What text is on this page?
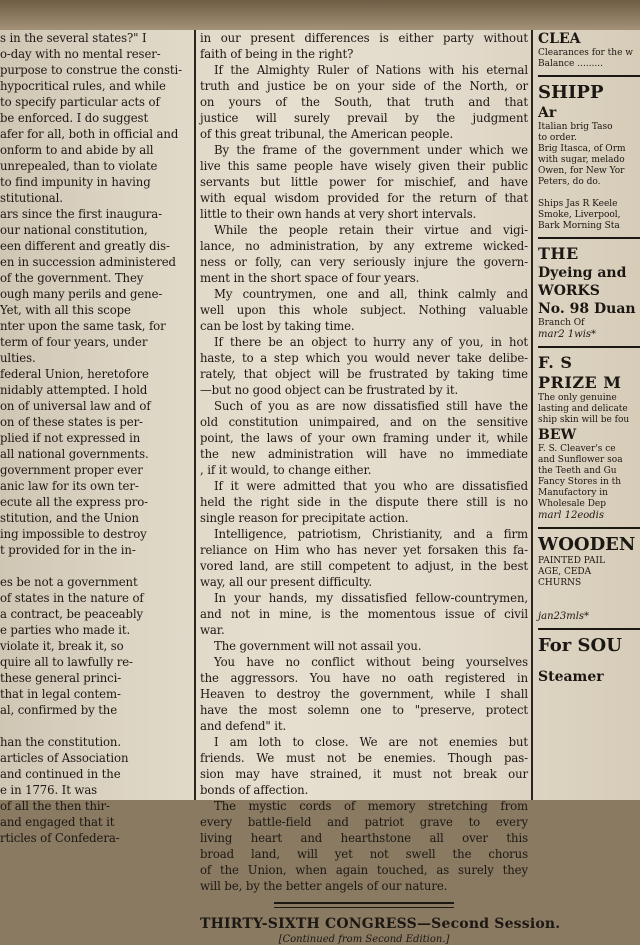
s in the several states?" I
o-day with no mental reser-
purpose to construe the consti-
hypocritical rules, and while
to specify particular acts of
be enforced. I do suggest
afer for all, both in official and
onform to and abide by all
unrepealed, than to violate
to find impunity in having
stitutional.
ars since the first inaugura-
our national constitution,
een different and greatly dis-
en in succession administered
of the government. They
ough many perils and gene-
Yet, with all this scope
nter upon the same task, for
term of four years, under
ulties.
federal Union, heretofore
nidably attempted. I hold
on of universal law and of
on of these states is per-
plied if not expressed in
all national governments.
government proper ever
anic law for its own ter-
ecute all the express pro-
stitution, and the Union
ing impossible to destroy
t provided for in the in-

es be not a government
of states in the nature of
a contract, be peaceably
e parties who made it.
violate it, break it, so
quire all to lawfully re-
these general princi-
that in legal contem-
al, confirmed by the

han the constitution.
articles of Association
and continued in the
e in 1776. It was
of all the then thir-
and engaged that it
rticles of Confedera-
in our present differences is either party without
faith of being in the right?
If the Almighty Ruler of Nations with his eternal
truth and justice be on your side of the North, or
on yours of the South, that truth and that
justice will surely prevail by the judgment
of this great tribunal, the American people.
By the frame of the government under which we
live this same people have wisely given their public
servants but little power for mischief, and have
with equal wisdom provided for the return of that
little to their own hands at very short intervals.
While the people retain their virtue and vigi-
lance, no administration, by any extreme wicked-
ness or folly, can very seriously injure the govern-
ment in the short space of four years.
My countrymen, one and all, think calmly and
well upon this whole subject. Nothing valuable
can be lost by taking time.
If there be an object to hurry any of you, in hot
haste, to a step which you would never take delibe-
rately, that object will be frustrated by taking time
—but no good object can be frustrated by it.
Such of you as are now dissatisfied still have the
old constitution unimpaired, and on the sensitive
point, the laws of your own framing under it, while
the new administration will have no immediate
, if it would, to change either.
If it were admitted that you who are dissatisfied
held the right side in the dispute there still is no
single reason for precipitate action.
Intelligence, patriotism, Christianity, and a firm
reliance on Him who has never yet forsaken this fa-
vored land, are still competent to adjust, in the best
way, all our present difficulty.
In your hands, my dissatisfied fellow-countrymen,
and not in mine, is the momentous issue of civil
war.
The government will not assail you.
You have no conflict without being yourselves
the aggressors. You have no oath registered in
Heaven to destroy the government, while I shall
have the most solemn one to "preserve, protect
and defend" it.
I am loth to close. We are not enemies but
friends. We must not be enemies. Though pas-
sion may have strained, it must not break our
bonds of affection.
The mystic cords of memory stretching from
every battle-field and patriot grave to every
living heart and hearthstone all over this
broad land, will yet not swell the chorus
of the Union, when again touched, as surely they
will be, by the better angels of our nature.
THIRTY-SIXTH CONGRESS—Second Session.
[Continued from Second Edition.]
CLEA
Clearances for the w
Balance .........
SHIPP
Ar
Italian brig Taso
to order.
Brig Itasca, of Orm
with sugar, melado
Owen, for New Yor
Peters, do do.

Ships Jas R Keele
Smoke, Liverpool,
Bark Morning Sta
THE
Dyeing and
WORKS
No. 98 Duan
Branch Of
mar2 1wis*
F. S
PRIZE M
The only genuine
lasting and delicate
ship skin will be fou
BEW
F. S. Cleaver's ce
and Sunflower soa
the Teeth and Gu
Fancy Stores in th
Manufactory in
Wholesale Dep
marl 12eodis
WOODEN
PAINTED PAIL
AGE, CEDA
CHURNS

jan23mls*
For SOU

Steamer
